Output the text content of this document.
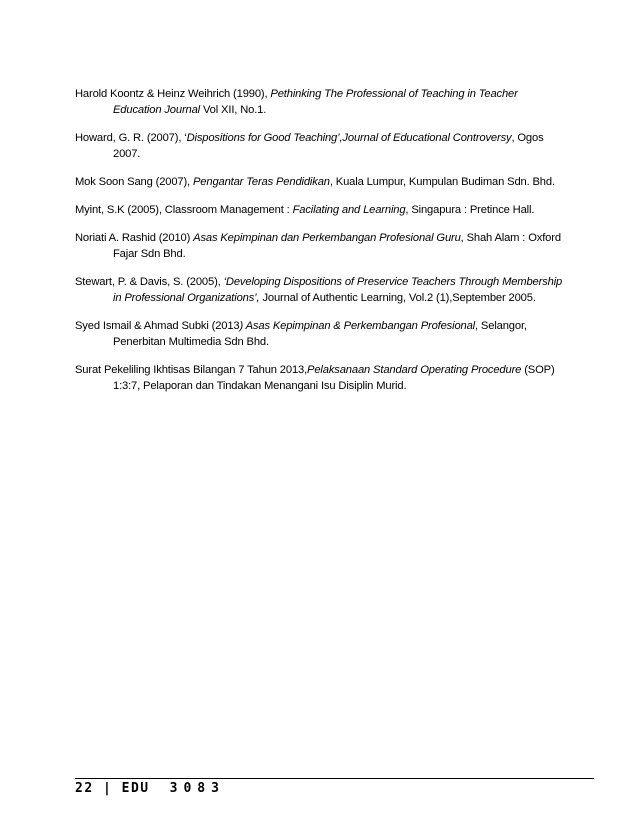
Harold Koontz & Heinz Weihrich (1990), Pethinking The Professional of Teaching in Teacher Education Journal Vol XII, No.1.

Howard, G. R. (2007), ‘Dispositions for Good Teaching’,Journal of Educational Controversy, Ogos 2007.

Mok Soon Sang (2007), Pengantar Teras Pendidikan, Kuala Lumpur, Kumpulan Budiman Sdn. Bhd.

Myint, S.K (2005), Classroom Management : Facilating and Learning, Singapura : Pretince Hall.

Noriati A. Rashid (2010) Asas Kepimpinan dan Perkembangan Profesional Guru, Shah Alam : Oxford Fajar Sdn Bhd.

Stewart, P. & Davis, S. (2005), ‘Developing Dispositions of Preservice Teachers Through Membership in Professional Organizations’, Journal of Authentic Learning, Vol.2 (1),September 2005.

Syed Ismail & Ahmad Subki (2013) Asas Kepimpinan & Perkembangan Profesional, Selangor, Penerbitan Multimedia Sdn Bhd.

Surat Pekeliling Ikhtisas Bilangan 7 Tahun 2013,Pelaksanaan Standard Operating Procedure (SOP) 1:3:7, Pelaporan dan Tindakan Menangani Isu Disiplin Murid.

22 | EDU 3083
